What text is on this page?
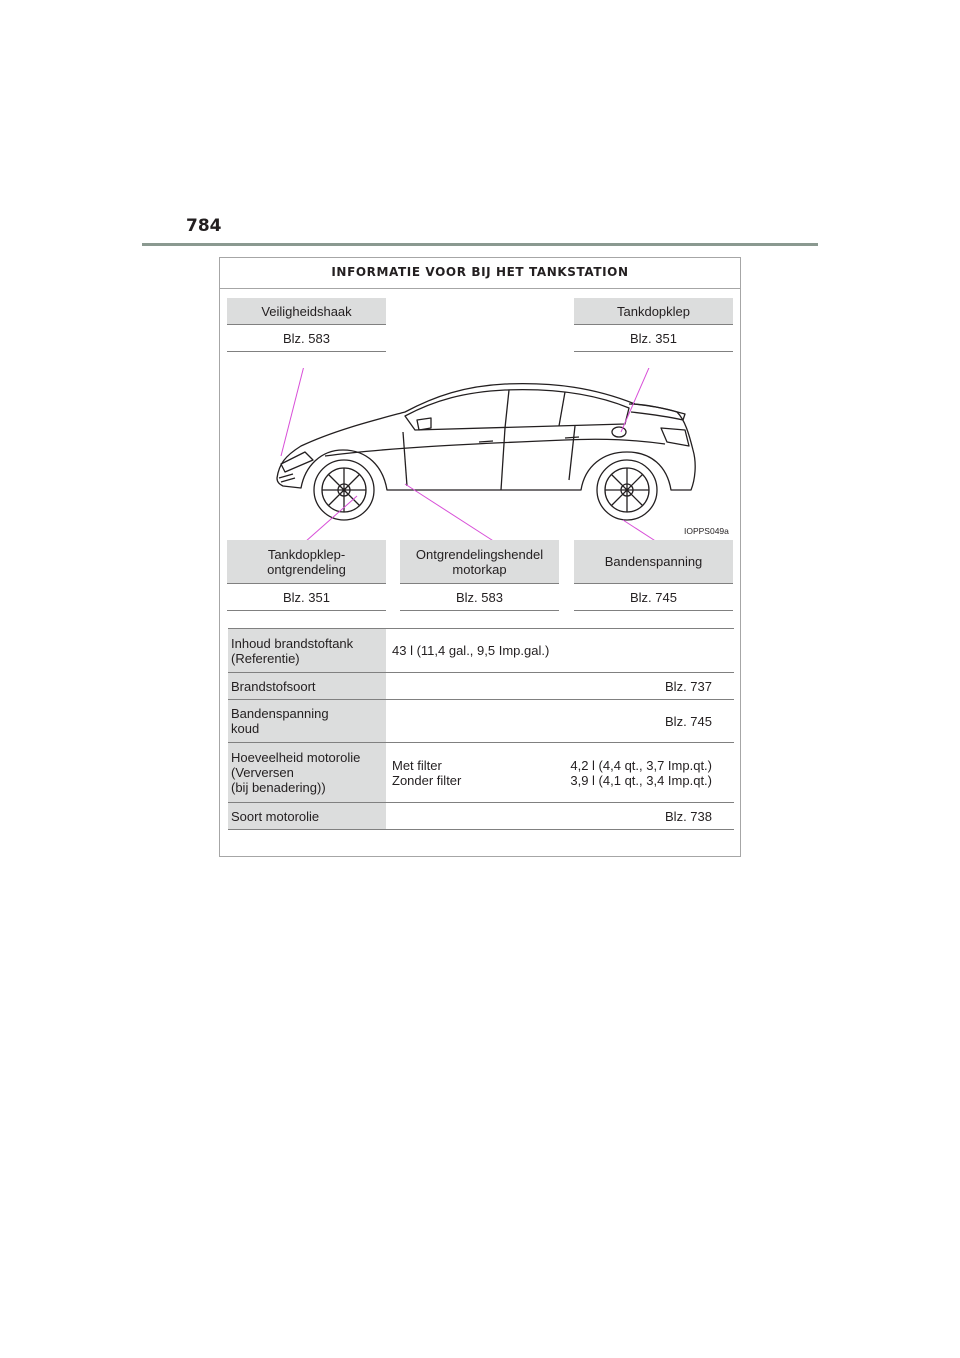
784
INFORMATIE VOOR BIJ HET TANKSTATION
Veiligheidshaak
Blz. 583
Tankdopklep
Blz. 351
IOPPS049a
Tankdopklep-
ontgrendeling
Blz. 351
Ontgrendelingshendel
motorkap
Blz. 583
Bandenspanning
Blz. 745
Inhoud brandstoftank
(Referentie)	43 l (11,4 gal., 9,5 Imp.gal.)
Brandstofsoort	Blz. 737
Bandenspanning
koud	Blz. 745
Hoeveelheid motorolie
(Verversen
(bij benadering))
Met filter	4,2 l (4,4 qt., 3,7 Imp.qt.)
Zonder filter	3,9 l (4,1 qt., 3,4 Imp.qt.)
Soort motorolie	Blz. 738
